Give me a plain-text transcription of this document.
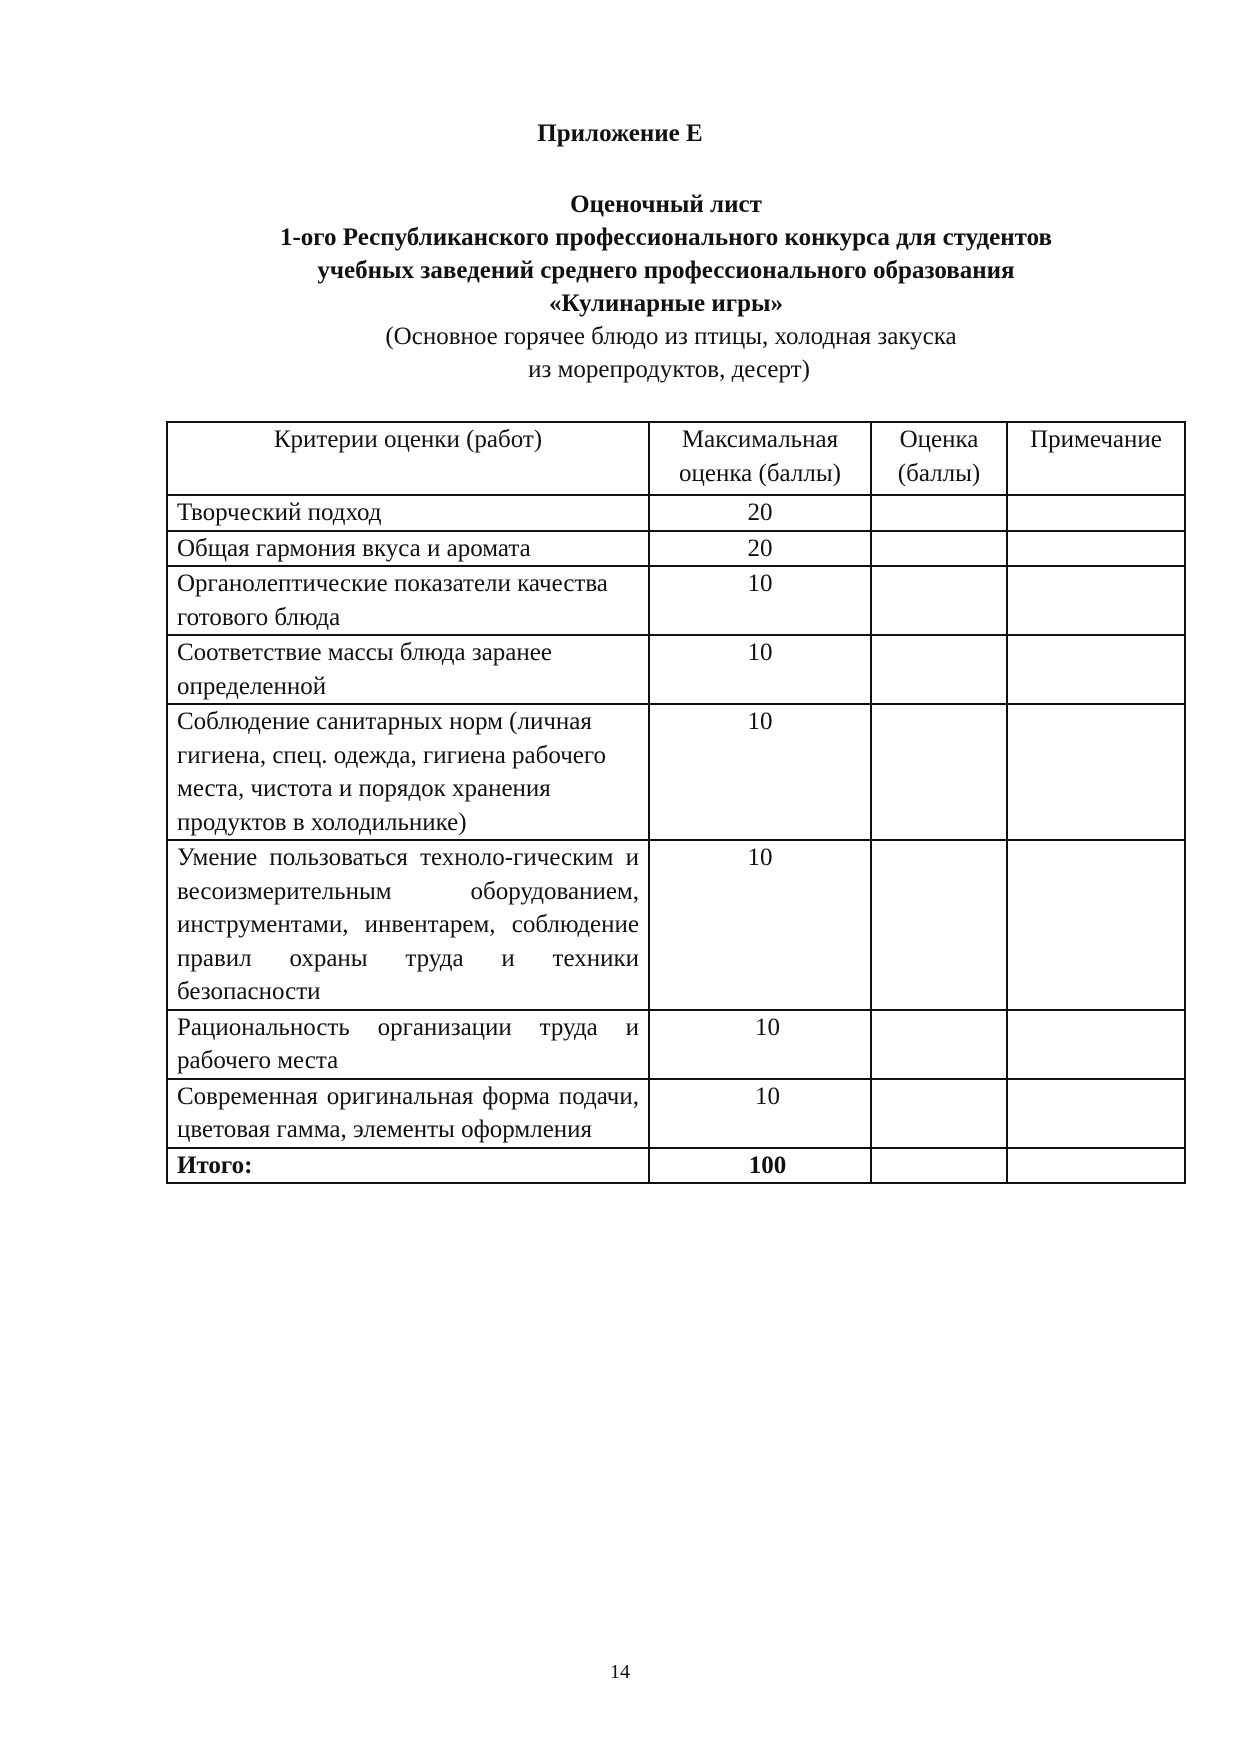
Приложение Е
Оценочный лист
1-ого Республиканского профессионального конкурса для студентов
учебных заведений среднего профессионального образования
«Кулинарные игры»
(Основное горячее блюдо из птицы, холодная закуска
из морепродуктов, десерт)
Критерии оценки (работ)	Максимальная оценка (баллы)	Оценка (баллы)	Примечание
Творческий подход	20		
Общая гармония вкуса и аромата	20		
Органолептические показатели качества готового блюда	10		
Соответствие массы блюда заранее определенной	10		
Соблюдение санитарных норм (личная гигиена, спец. одежда, гигиена рабочего места, чистота и порядок хранения продуктов в холодильнике)	10		
Умение пользоваться техноло-гическим и весоизмерительным оборудованием, инструментами, инвентарем, соблюдение правил охраны труда и техники безопасности	10		
Рациональность организации труда и рабочего места	10		
Современная оригинальная форма подачи, цветовая гамма, элементы оформления	10		
Итого:	100		
14
